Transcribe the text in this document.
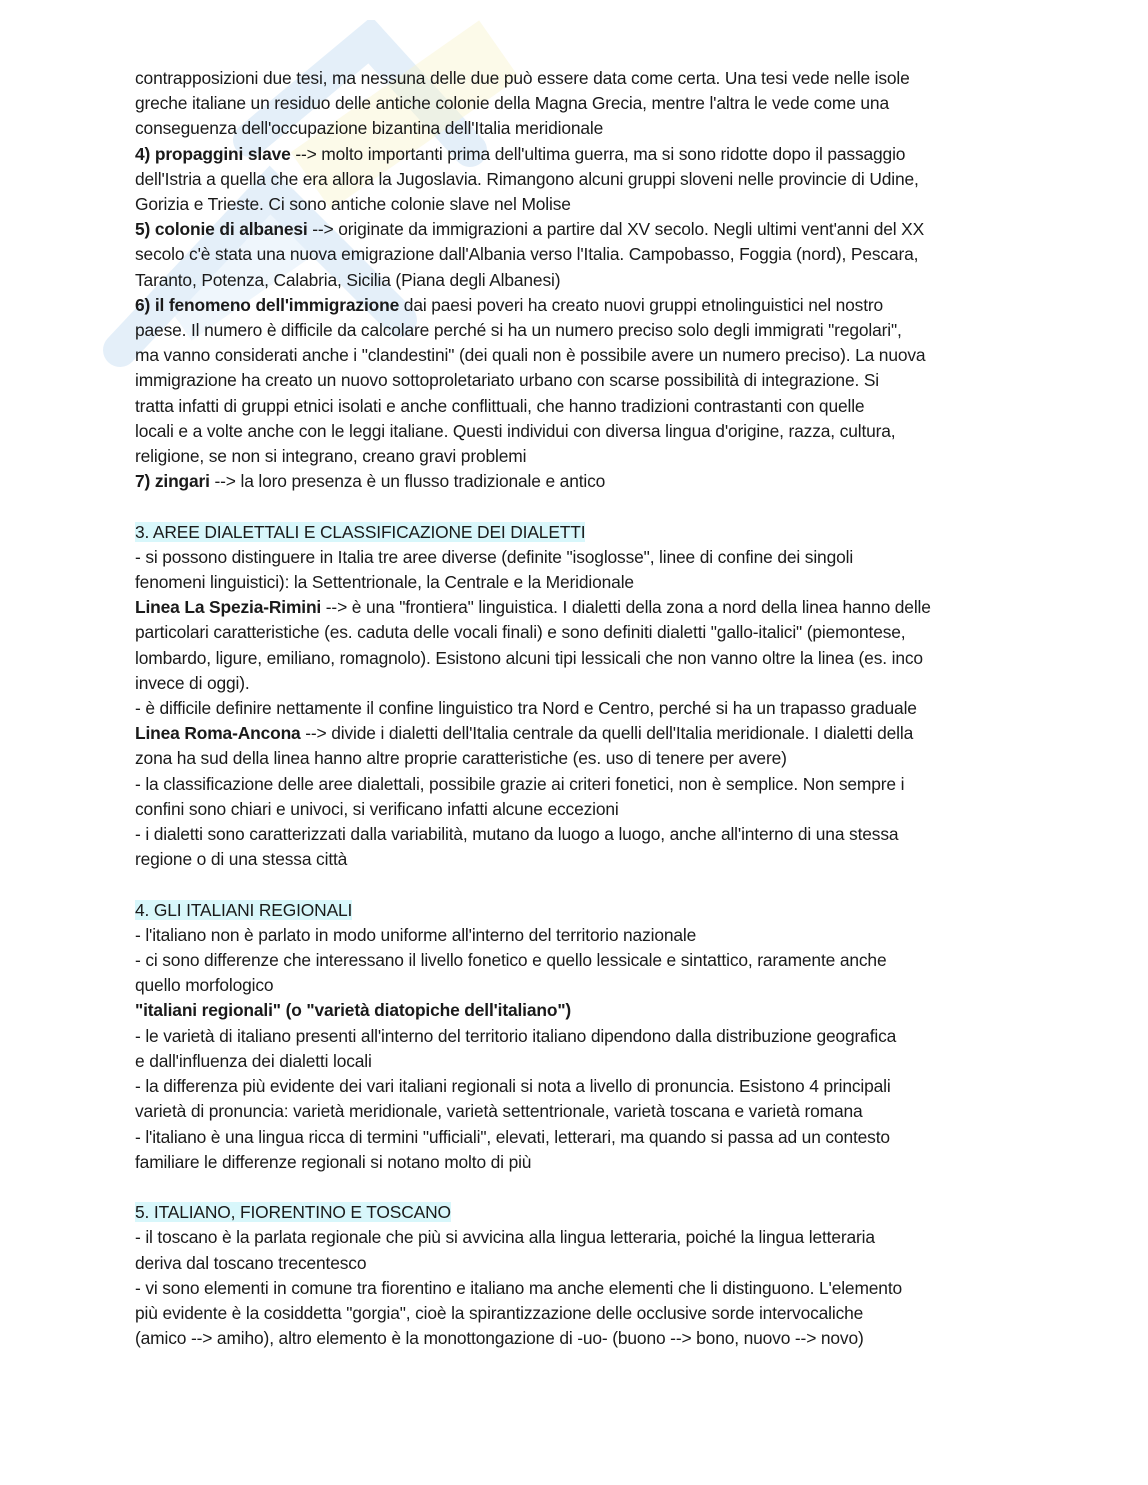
contrapposizioni due tesi, ma nessuna delle due può essere data come certa. Una tesi vede nelle isole
greche italiane un residuo delle antiche colonie della Magna Grecia, mentre l'altra le vede come una
conseguenza dell'occupazione bizantina dell'Italia meridionale
4) propaggini slave --> molto importanti prima dell'ultima guerra, ma si sono ridotte dopo il passaggio
dell'Istria a quella che era allora la Jugoslavia. Rimangono alcuni gruppi sloveni nelle provincie di Udine,
Gorizia e Trieste. Ci sono antiche colonie slave nel Molise
5) colonie di albanesi --> originate da immigrazioni a partire dal XV secolo. Negli ultimi vent'anni del XX
secolo c'è stata una nuova emigrazione dall'Albania verso l'Italia. Campobasso, Foggia (nord), Pescara,
Taranto, Potenza, Calabria, Sicilia (Piana degli Albanesi)
6) il fenomeno dell'immigrazione dai paesi poveri ha creato nuovi gruppi etnolinguistici nel nostro
paese. Il numero è difficile da calcolare perché si ha un numero preciso solo degli immigrati "regolari",
ma vanno considerati anche i "clandestini" (dei quali non è possibile avere un numero preciso). La nuova
immigrazione ha creato un nuovo sottoproletariato urbano con scarse possibilità di integrazione. Si
tratta infatti di gruppi etnici isolati e anche conflittuali, che hanno tradizioni contrastanti con quelle
locali e a volte anche con le leggi italiane. Questi individui con diversa lingua d'origine, razza, cultura,
religione, se non si integrano, creano gravi problemi
7) zingari --> la loro presenza è un flusso tradizionale e antico
3. AREE DIALETTALI E CLASSIFICAZIONE DEI DIALETTI
- si possono distinguere in Italia tre aree diverse (definite "isoglosse", linee di confine dei singoli
fenomeni linguistici): la Settentrionale, la Centrale e la Meridionale
Linea La Spezia-Rimini --> è una "frontiera" linguistica. I dialetti della zona a nord della linea hanno delle
particolari caratteristiche (es. caduta delle vocali finali) e sono definiti dialetti "gallo-italici" (piemontese,
lombardo, ligure, emiliano, romagnolo). Esistono alcuni tipi lessicali che non vanno oltre la linea (es. inco
invece di oggi).
- è difficile definire nettamente il confine linguistico tra Nord e Centro, perché si ha un trapasso graduale
Linea Roma-Ancona --> divide i dialetti dell'Italia centrale da quelli dell'Italia meridionale. I dialetti della
zona ha sud della linea hanno altre proprie caratteristiche (es. uso di tenere per avere)
- la classificazione delle aree dialettali, possibile grazie ai criteri fonetici, non è semplice. Non sempre i
confini sono chiari e univoci, si verificano infatti alcune eccezioni
- i dialetti sono caratterizzati dalla variabilità, mutano da luogo a luogo, anche all'interno di una stessa
regione o di una stessa città
4. GLI ITALIANI REGIONALI
- l'italiano non è parlato in modo uniforme all'interno del territorio nazionale
- ci sono differenze che interessano il livello fonetico e quello lessicale e sintattico, raramente anche
quello morfologico
"italiani regionali" (o "varietà diatopiche dell'italiano")
- le varietà di italiano presenti all'interno del territorio italiano dipendono dalla distribuzione geografica
e dall'influenza dei dialetti locali
- la differenza più evidente dei vari italiani regionali si nota a livello di pronuncia. Esistono 4 principali
varietà di pronuncia: varietà meridionale, varietà settentrionale, varietà toscana e varietà romana
- l'italiano è una lingua ricca di termini "ufficiali", elevati, letterari, ma quando si passa ad un contesto
familiare le differenze regionali si notano molto di più
5. ITALIANO, FIORENTINO E TOSCANO
- il toscano è la parlata regionale che più si avvicina alla lingua letteraria, poiché la lingua letteraria
deriva dal toscano trecentesco
- vi sono elementi in comune tra fiorentino e italiano ma anche elementi che li distinguono. L'elemento
più evidente è la cosiddetta "gorgia", cioè la spirantizzazione delle occlusive sorde intervocaliche
(amico --> amiho), altro elemento è la monottongazione di -uo- (buono --> bono, nuovo --> novo)
